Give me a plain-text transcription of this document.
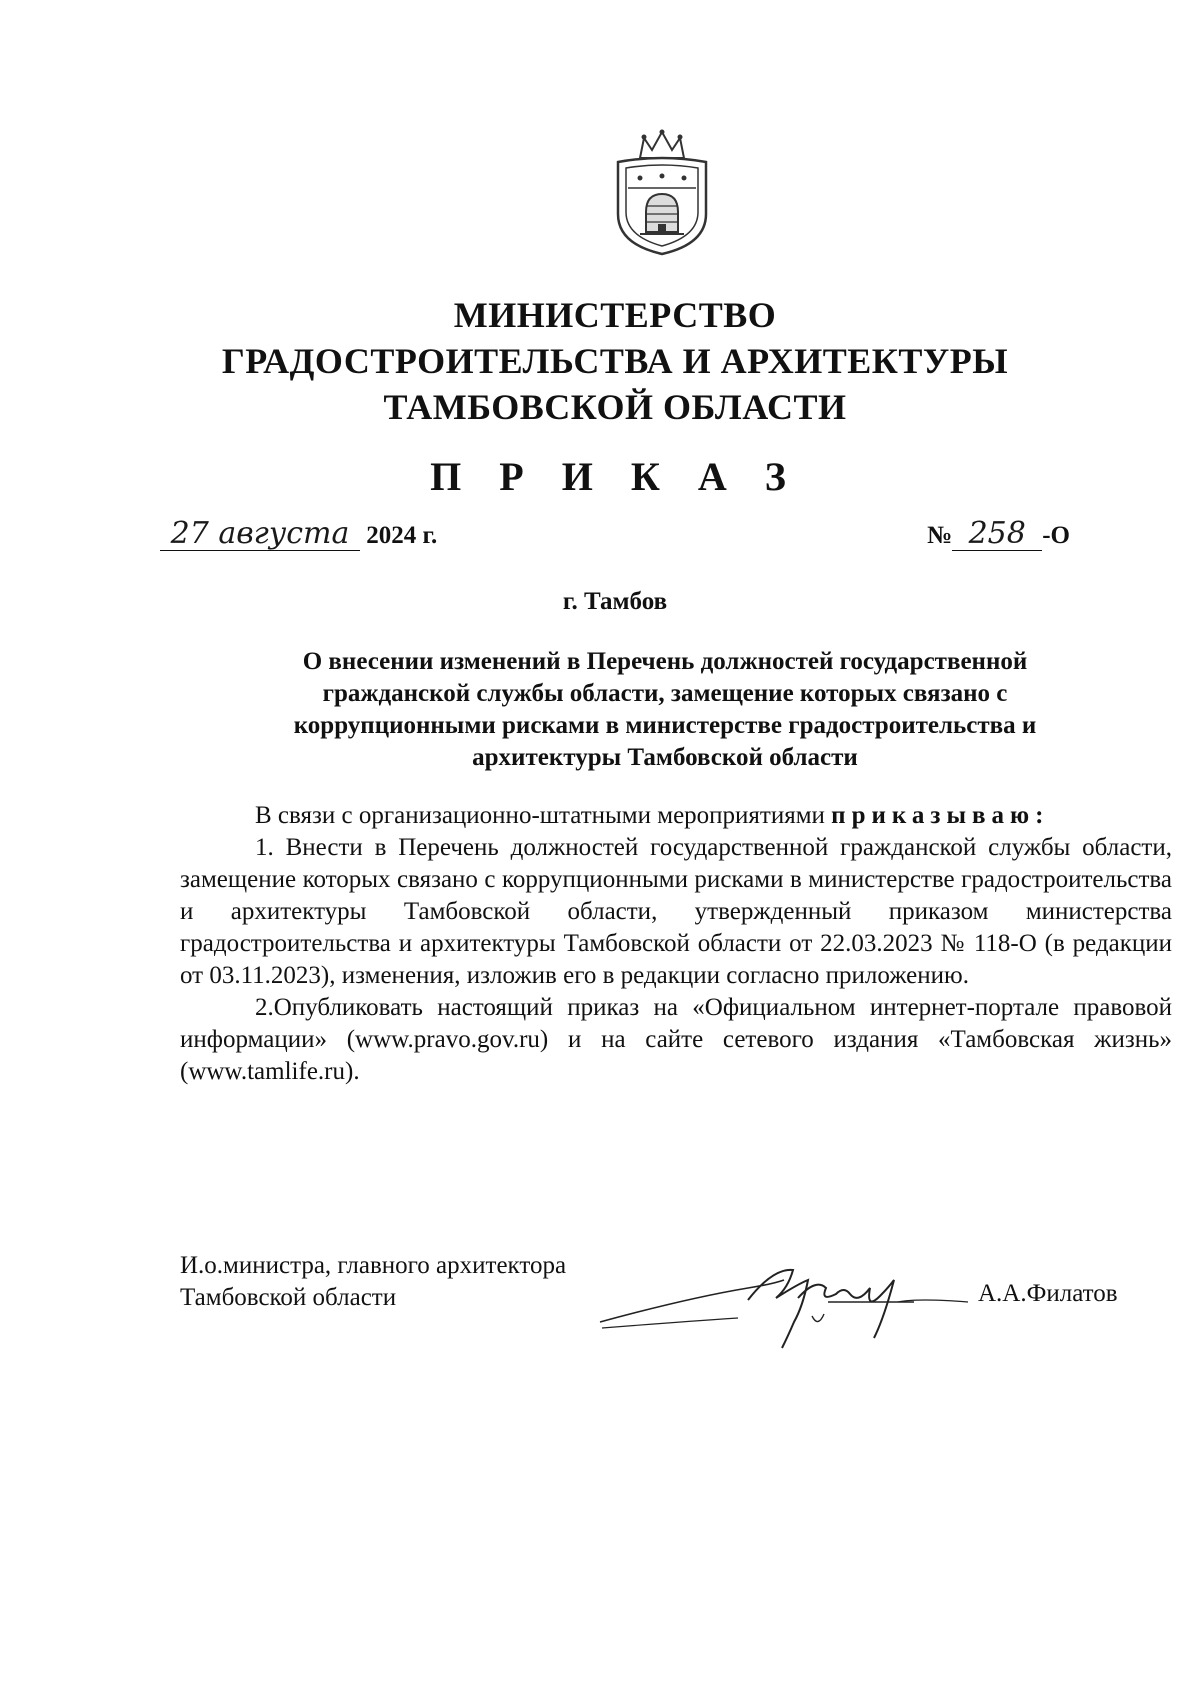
МИНИСТЕРСТВО
ГРАДОСТРОИТЕЛЬСТВА И АРХИТЕКТУРЫ
ТАМБОВСКОЙ ОБЛАСТИ
П Р И К А З
27 августа 2024 г.	№ 258 -О
г. Тамбов
О внесении изменений в Перечень должностей государственной гражданской службы области, замещение которых связано с коррупционными рисками в министерстве градостроительства и архитектуры Тамбовской области

В связи с организационно-штатными мероприятиями приказываю:

1. Внести в Перечень должностей государственной гражданской службы области, замещение которых связано с коррупционными рисками в министерстве градостроительства и архитектуры Тамбовской области, утвержденный приказом министерства градостроительства и архитектуры Тамбовской области от 22.03.2023 № 118-О (в редакции от 03.11.2023), изменения, изложив его в редакции согласно приложению.

2.Опубликовать настоящий приказ на «Официальном интернет-портале правовой информации» (www.pravo.gov.ru) и на сайте сетевого издания «Тамбовская жизнь» (www.tamlife.ru).

И.о.министра, главного архитектора
Тамбовской области	А.А.Филатов
